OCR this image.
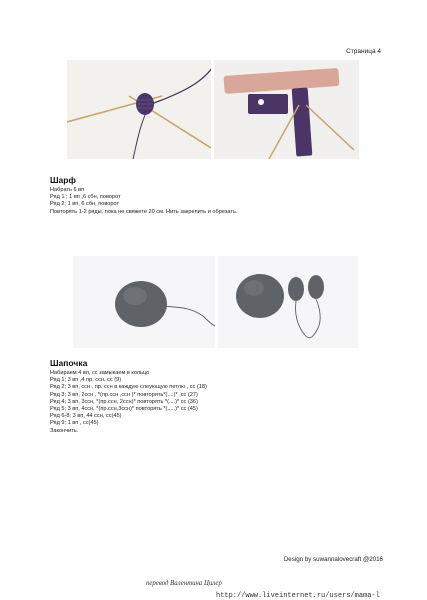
Страница 4
Шарф
Набрать 6 вп
Ряд 1 ; 1 вп ,6 сбн, поворот
Ряд 2; 1 вп, 6 сбн, поворот
Повторять 1-2 ряды, пока не свяжете 20 см. Нить закрепить и обрезать.
Шапочка
Набираем 4 вп, сс замыкаем в кольцо
Ряд 1; 3 вп ,4 пр. ссн, сс (9)
Ряд 2; 3 вп, ссн , пр. ссн в каждую слеующую петлю , сс (18)
Ряд 3; 3 вп, 2ссн , *(пр.ссн ,ссн )* повторять*(....)* ,сс (27)
Ряд 4; 3 вп, 3ссн, *(пр.ссн, 2ссн)* повторять *(....)* сс (36)
Ряд 5; 3 вп, 4ссн, *(пр.ссн,3ссн)* повторять *(.....)* сс (45)
Ряд 6-8; 3 вп, 44 ссн, сс(45)
Ряд 9; 1 вп , сс(45)
Закончить.
Design by suwannalovecraft @2016
перевод Валентина Цилер
http://www.liveinternet.ru/users/mama-l
